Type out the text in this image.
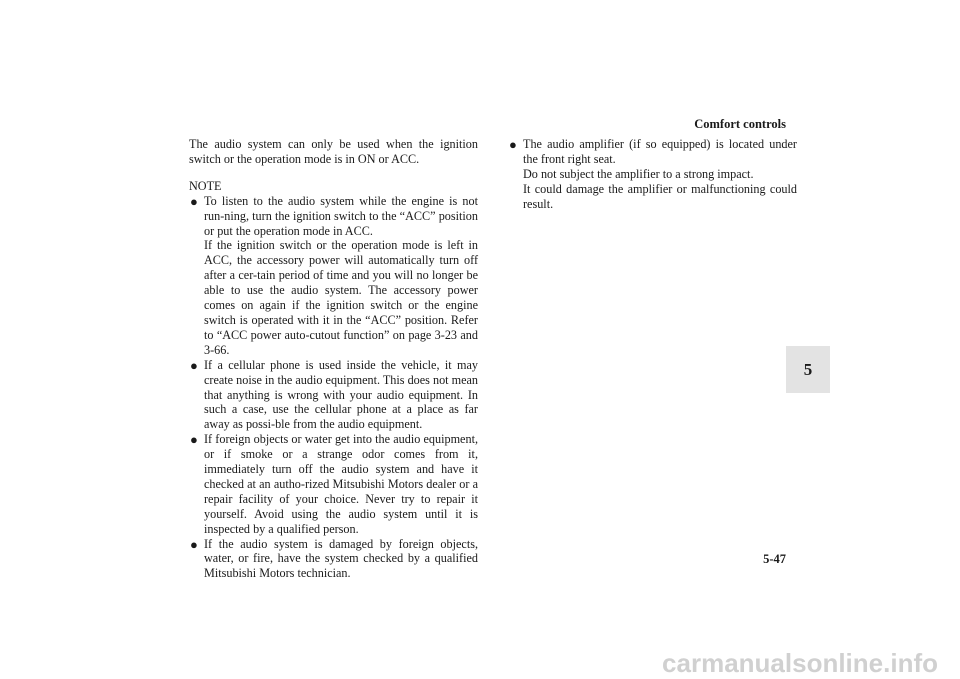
Comfort controls

The audio system can only be used when the ignition switch or the operation mode is in ON or ACC.

NOTE

● To listen to the audio system while the engine is not run-ning, turn the ignition switch to the “ACC” position or put the operation mode in ACC.
If the ignition switch or the operation mode is left in ACC, the accessory power will automatically turn off after a cer-tain period of time and you will no longer be able to use the audio system. The accessory power comes on again if the ignition switch or the engine switch is operated with it in the “ACC” position. Refer to “ACC power auto-cutout function” on page 3-23 and 3-66.
● If a cellular phone is used inside the vehicle, it may create noise in the audio equipment. This does not mean that anything is wrong with your audio equipment. In such a case, use the cellular phone at a place as far away as possi-ble from the audio equipment.
● If foreign objects or water get into the audio equipment, or if smoke or a strange odor comes from it, immediately turn off the audio system and have it checked at an autho-rized Mitsubishi Motors dealer or a repair facility of your choice. Never try to repair it yourself. Avoid using the audio system until it is inspected by a qualified person.
● If the audio system is damaged by foreign objects, water, or fire, have the system checked by a qualified Mitsubishi Motors technician.
● The audio amplifier (if so equipped) is located under the front right seat.
Do not subject the amplifier to a strong impact.
It could damage the amplifier or malfunctioning could result.
5
5-47
carmanualsonline.info
